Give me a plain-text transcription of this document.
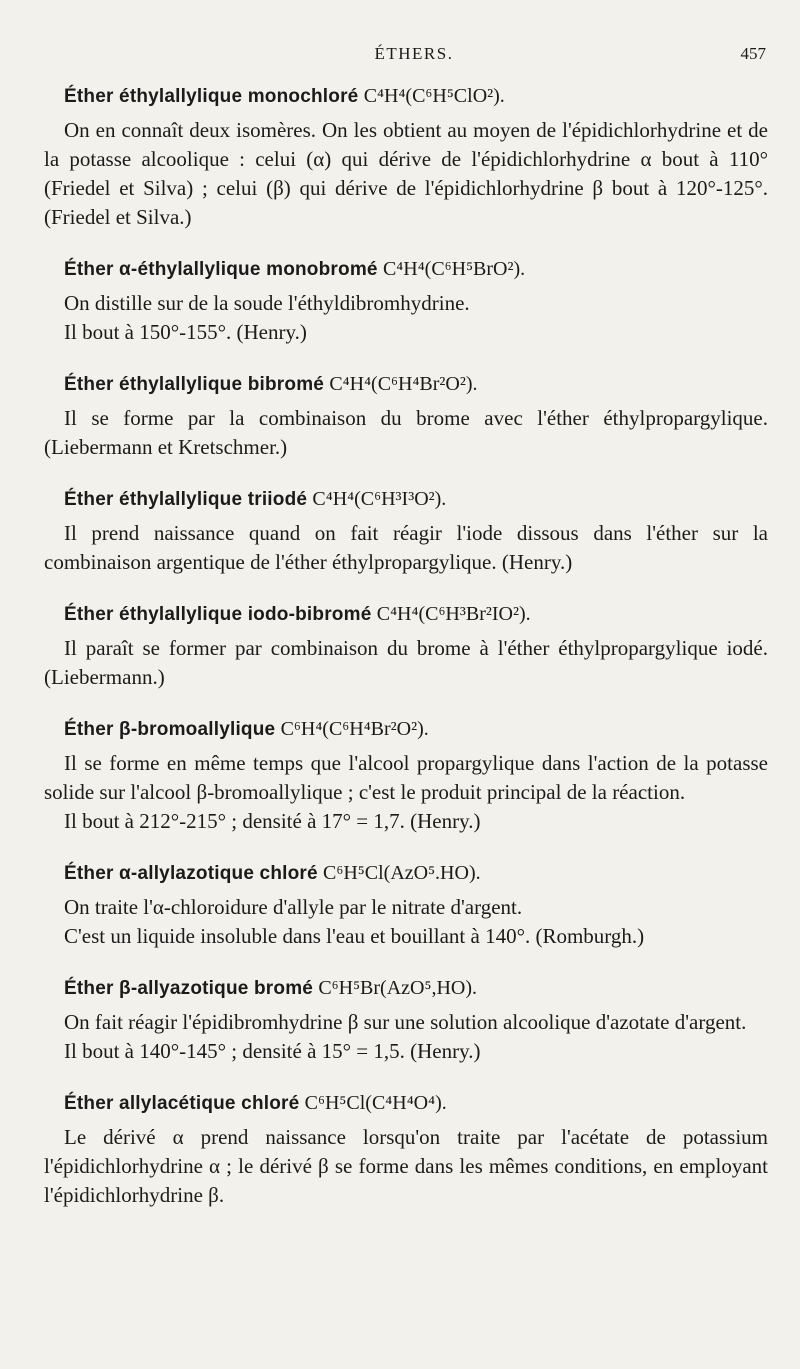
ÉTHERS.	457
Éther éthylallylique monochloré C⁴H⁴(C⁶H⁵ClO²).

On en connaît deux isomères. On les obtient au moyen de l'épidichlorhydrine et de la potasse alcoolique : celui (α) qui dérive de l'épidichlorhydrine α bout à 110° (Friedel et Silva) ; celui (β) qui dérive de l'épidichlorhydrine β bout à 120°-125°. (Friedel et Silva.)

Éther α-éthylallylique monobromé C⁴H⁴(C⁶H⁵BrO²).

On distille sur de la soude l'éthyldibromhydrine.

Il bout à 150°-155°. (Henry.)

Éther éthylallylique bibromé C⁴H⁴(C⁶H⁴Br²O²).

Il se forme par la combinaison du brome avec l'éther éthylpropargylique. (Liebermann et Kretschmer.)

Éther éthylallylique triiodé C⁴H⁴(C⁶H³I³O²).

Il prend naissance quand on fait réagir l'iode dissous dans l'éther sur la combinaison argentique de l'éther éthylpropargylique. (Henry.)

Éther éthylallylique iodo-bibromé C⁴H⁴(C⁶H³Br²IO²).

Il paraît se former par combinaison du brome à l'éther éthylpropargylique iodé. (Liebermann.)

Éther β-bromoallylique C⁶H⁴(C⁶H⁴Br²O²).

Il se forme en même temps que l'alcool propargylique dans l'action de la potasse solide sur l'alcool β-bromoallylique ; c'est le produit principal de la réaction.

Il bout à 212°-215° ; densité à 17° = 1,7. (Henry.)

Éther α-allylazotique chloré C⁶H⁵Cl(AzO⁵.HO).

On traite l'α-chloroidure d'allyle par le nitrate d'argent.

C'est un liquide insoluble dans l'eau et bouillant à 140°. (Romburgh.)

Éther β-allyazotique bromé C⁶H⁵Br(AzO⁵,HO).

On fait réagir l'épidibromhydrine β sur une solution alcoolique d'azotate d'argent.

Il bout à 140°-145° ; densité à 15° = 1,5. (Henry.)

Éther allylacétique chloré C⁶H⁵Cl(C⁴H⁴O⁴).

Le dérivé α prend naissance lorsqu'on traite par l'acétate de potassium l'épidichlorhydrine α ; le dérivé β se forme dans les mêmes conditions, en employant l'épidichlorhydrine β.
